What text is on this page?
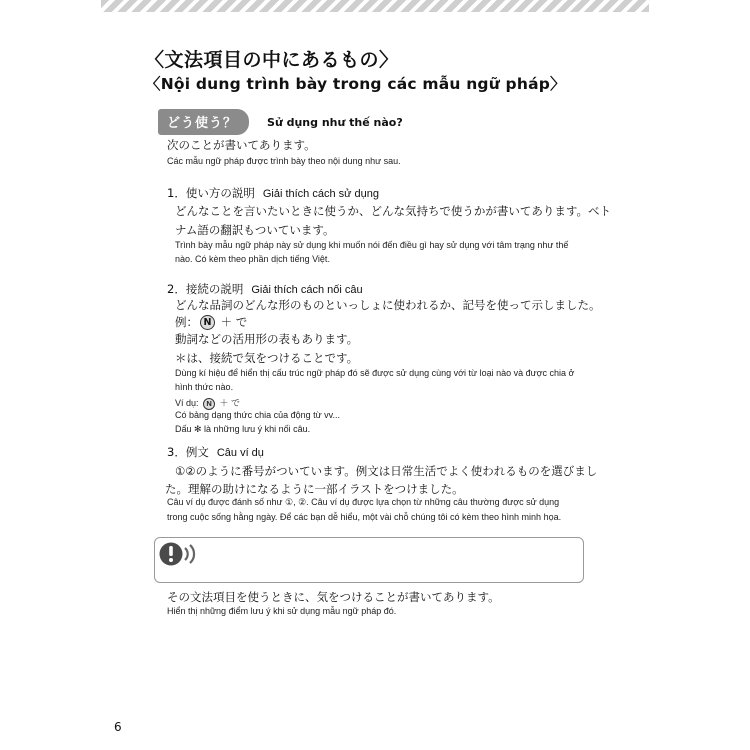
〈文法項目の中にあるもの〉
〈Nội dung trình bày trong các mẫu ngữ pháp〉
どう使う？	Sử dụng như thế nào?
次のことが書いてあります。
Các mẫu ngữ pháp được trình bày theo nội dung như sau.
1．使い方の説明 Giải thích cách sử dụng
どんなことを言いたいときに使うか、どんな気持ちで使うかが書いてあります。ベト
ナム語の翻訳もついています。
Trình bày mẫu ngữ pháp này sử dụng khi muốn nói đến điều gì hay sử dụng với tâm trạng như thế
nào. Có kèm theo phần dịch tiếng Việt.
2．接続の説明 Giải thích cách nối câu
どんな品詞のどんな形のものといっしょに使われるか、記号を使って示しました。
例： N ＋ で
動詞などの活用形の表もあります。
＊は、接続で気をつけることです。
Dùng kí hiệu để hiển thị cấu trúc ngữ pháp đó sẽ được sử dụng cùng với từ loại nào và được chia ở
hình thức nào.
Ví dụ: N ＋ で
Có bảng dạng thức chia của động từ vv...
Dấu ✻ là những lưu ý khi nối câu.
3．例文 Câu ví dụ
①②のように番号がついています。例文は日常生活でよく使われるものを選びまし
た。理解の助けになるように一部イラストをつけました。
Câu ví dụ được đánh số như ①, ②. Câu ví dụ được lựa chọn từ những câu thường được sử dụng
trong cuộc sống hằng ngày. Để các bạn dễ hiểu, một vài chỗ chúng tôi có kèm theo hình minh họa.
その文法項目を使うときに、気をつけることが書いてあります。
Hiển thị những điểm lưu ý khi sử dụng mẫu ngữ pháp đó.
6
